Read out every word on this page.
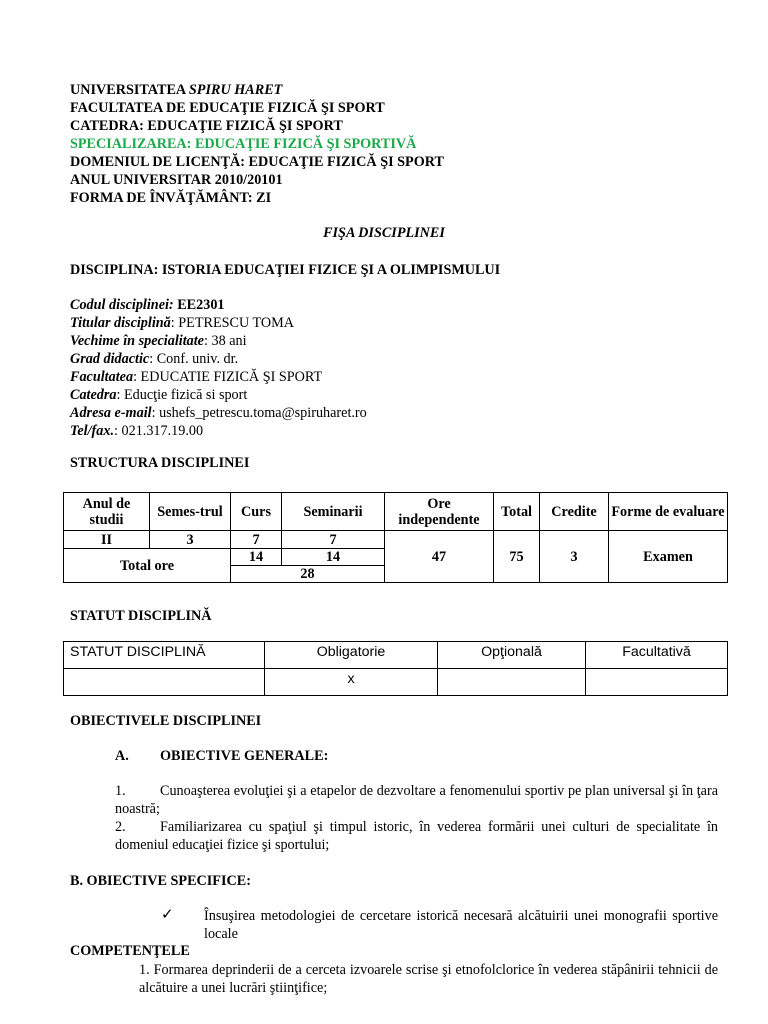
UNIVERSITATEA SPIRU HARET
FACULTATEA DE EDUCAŢIE FIZICĂ ŞI SPORT
CATEDRA: EDUCAŢIE FIZICĂ ŞI SPORT
SPECIALIZAREA: EDUCAŢIE FIZICĂ ŞI SPORTIVĂ
DOMENIUL DE LICENŢĂ: EDUCAŢIE FIZICĂ ŞI SPORT
ANUL UNIVERSITAR 2010/20101
FORMA DE ÎNVĂŢĂMÂNT: ZI
FIŞA DISCIPLINEI
DISCIPLINA: ISTORIA EDUCAŢIEI FIZICE ŞI A OLIMPISMULUI
Codul disciplinei: EE2301
Titular disciplină: PETRESCU TOMA
Vechime în specialitate: 38 ani
Grad didactic: Conf. univ. dr.
Facultatea: EDUCATIE FIZICĂ ŞI SPORT
Catedra: Educţie fizică si sport
Adresa e-mail: ushefs_petrescu.toma@spiruharet.ro
Tel/fax.: 021.317.19.00
STRUCTURA DISCIPLINEI
Anul de studii	Semes-trul	Curs	Seminarii	Ore independente	Total	Credite	Forme de evaluare
II	3	7	7	47	75	3	Examen
Total ore		14	14				
		28					
STATUT DISCIPLINĂ
STATUT DISCIPLINĂ	Obligatorie	Opţională	Facultativă
	x		
OBIECTIVELE DISCIPLINEI
A. OBIECTIVE GENERALE:
1. Cunoaşterea evoluţiei şi a etapelor de dezvoltare a fenomenului sportiv pe plan universal şi în ţara noastră;
2. Familiarizarea cu spaţiul şi timpul istoric, în vederea formării unei culturi de specialitate în domeniul educaţiei fizice şi sportului;
B. OBIECTIVE SPECIFICE:
✓ Însuşirea metodologiei de cercetare istorică necesară alcătuirii unei monografii sportive locale
COMPETENŢELE
1. Formarea deprinderii de a cerceta izvoarele scrise şi etnofolclorice în vederea stăpânirii tehnicii de alcătuire a unei lucrări ştiinţifice;
